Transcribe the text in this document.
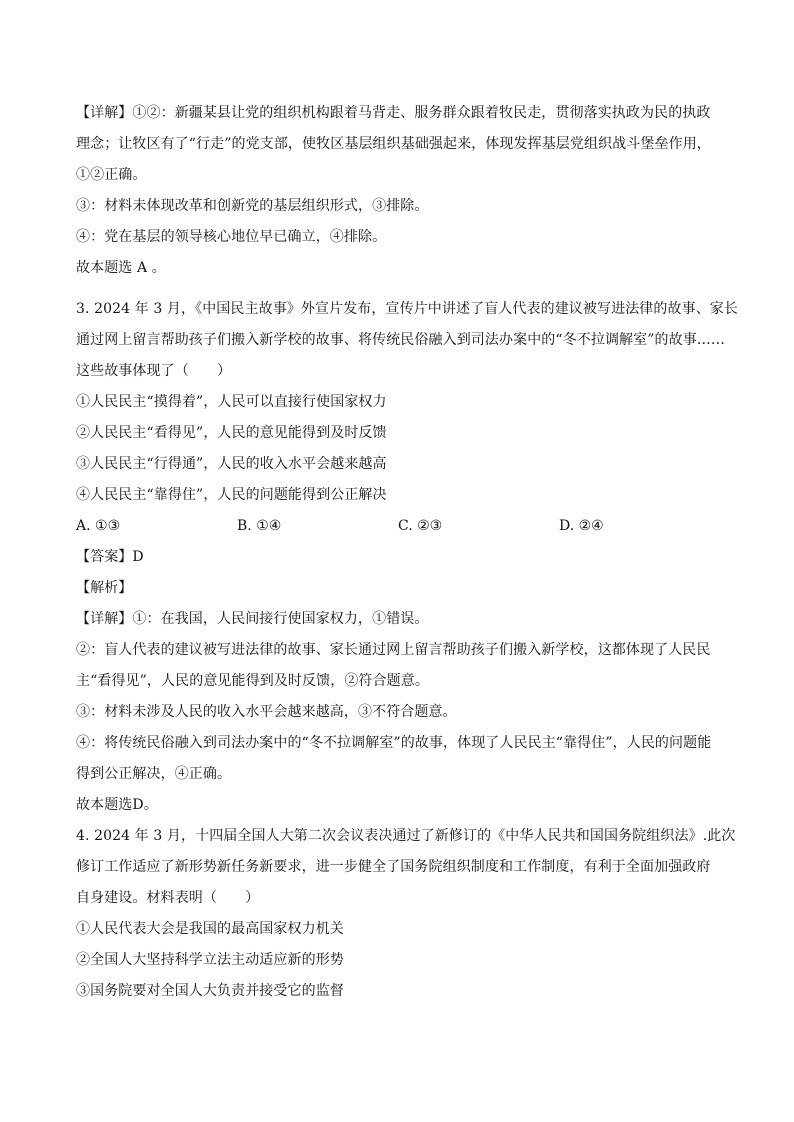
【详解】①②：新疆某县让党的组织机构跟着马背走、服务群众跟着牧民走，贯彻落实执政为民的执政
理念；让牧区有了“行走”的党支部，使牧区基层组织基础强起来，体现发挥基层党组织战斗堡垒作用，
①②正确。
③：材料未体现改革和创新党的基层组织形式，③排除。
④：党在基层的领导核心地位早已确立，④排除。
故本题选 A 。
3. 2024 年 3 月，《中国民主故事》外宣片发布，宣传片中讲述了盲人代表的建议被写进法律的故事、家长
通过网上留言帮助孩子们搬入新学校的故事、将传统民俗融入到司法办案中的“冬不拉调解室”的故事……
这些故事体现了（　　）
①人民民主“摸得着”，人民可以直接行使国家权力
②人民民主“看得见”，人民的意见能得到及时反馈
③人民民主“行得通”，人民的收入水平会越来越高
④人民民主“靠得住”，人民的问题能得到公正解决
A. ①③	B. ①④	C. ②③	D. ②④
【答案】D
【解析】
【详解】①：在我国，人民间接行使国家权力，①错误。
②：盲人代表的建议被写进法律的故事、家长通过网上留言帮助孩子们搬入新学校，这都体现了人民民
主“看得见”，人民的意见能得到及时反馈，②符合题意。
③：材料未涉及人民的收入水平会越来越高，③不符合题意。
④：将传统民俗融入到司法办案中的“冬不拉调解室”的故事，体现了人民民主“靠得住”，人民的问题能
得到公正解决，④正确。
故本题选D。
4. 2024 年 3 月，十四届全国人大第二次会议表决通过了新修订的《中华人民共和国国务院组织法》.此次
修订工作适应了新形势新任务新要求，进一步健全了国务院组织制度和工作制度，有利于全面加强政府
自身建设。材料表明（　　）
①人民代表大会是我国的最高国家权力机关
②全国人大坚持科学立法主动适应新的形势
③国务院要对全国人大负责并接受它的监督
